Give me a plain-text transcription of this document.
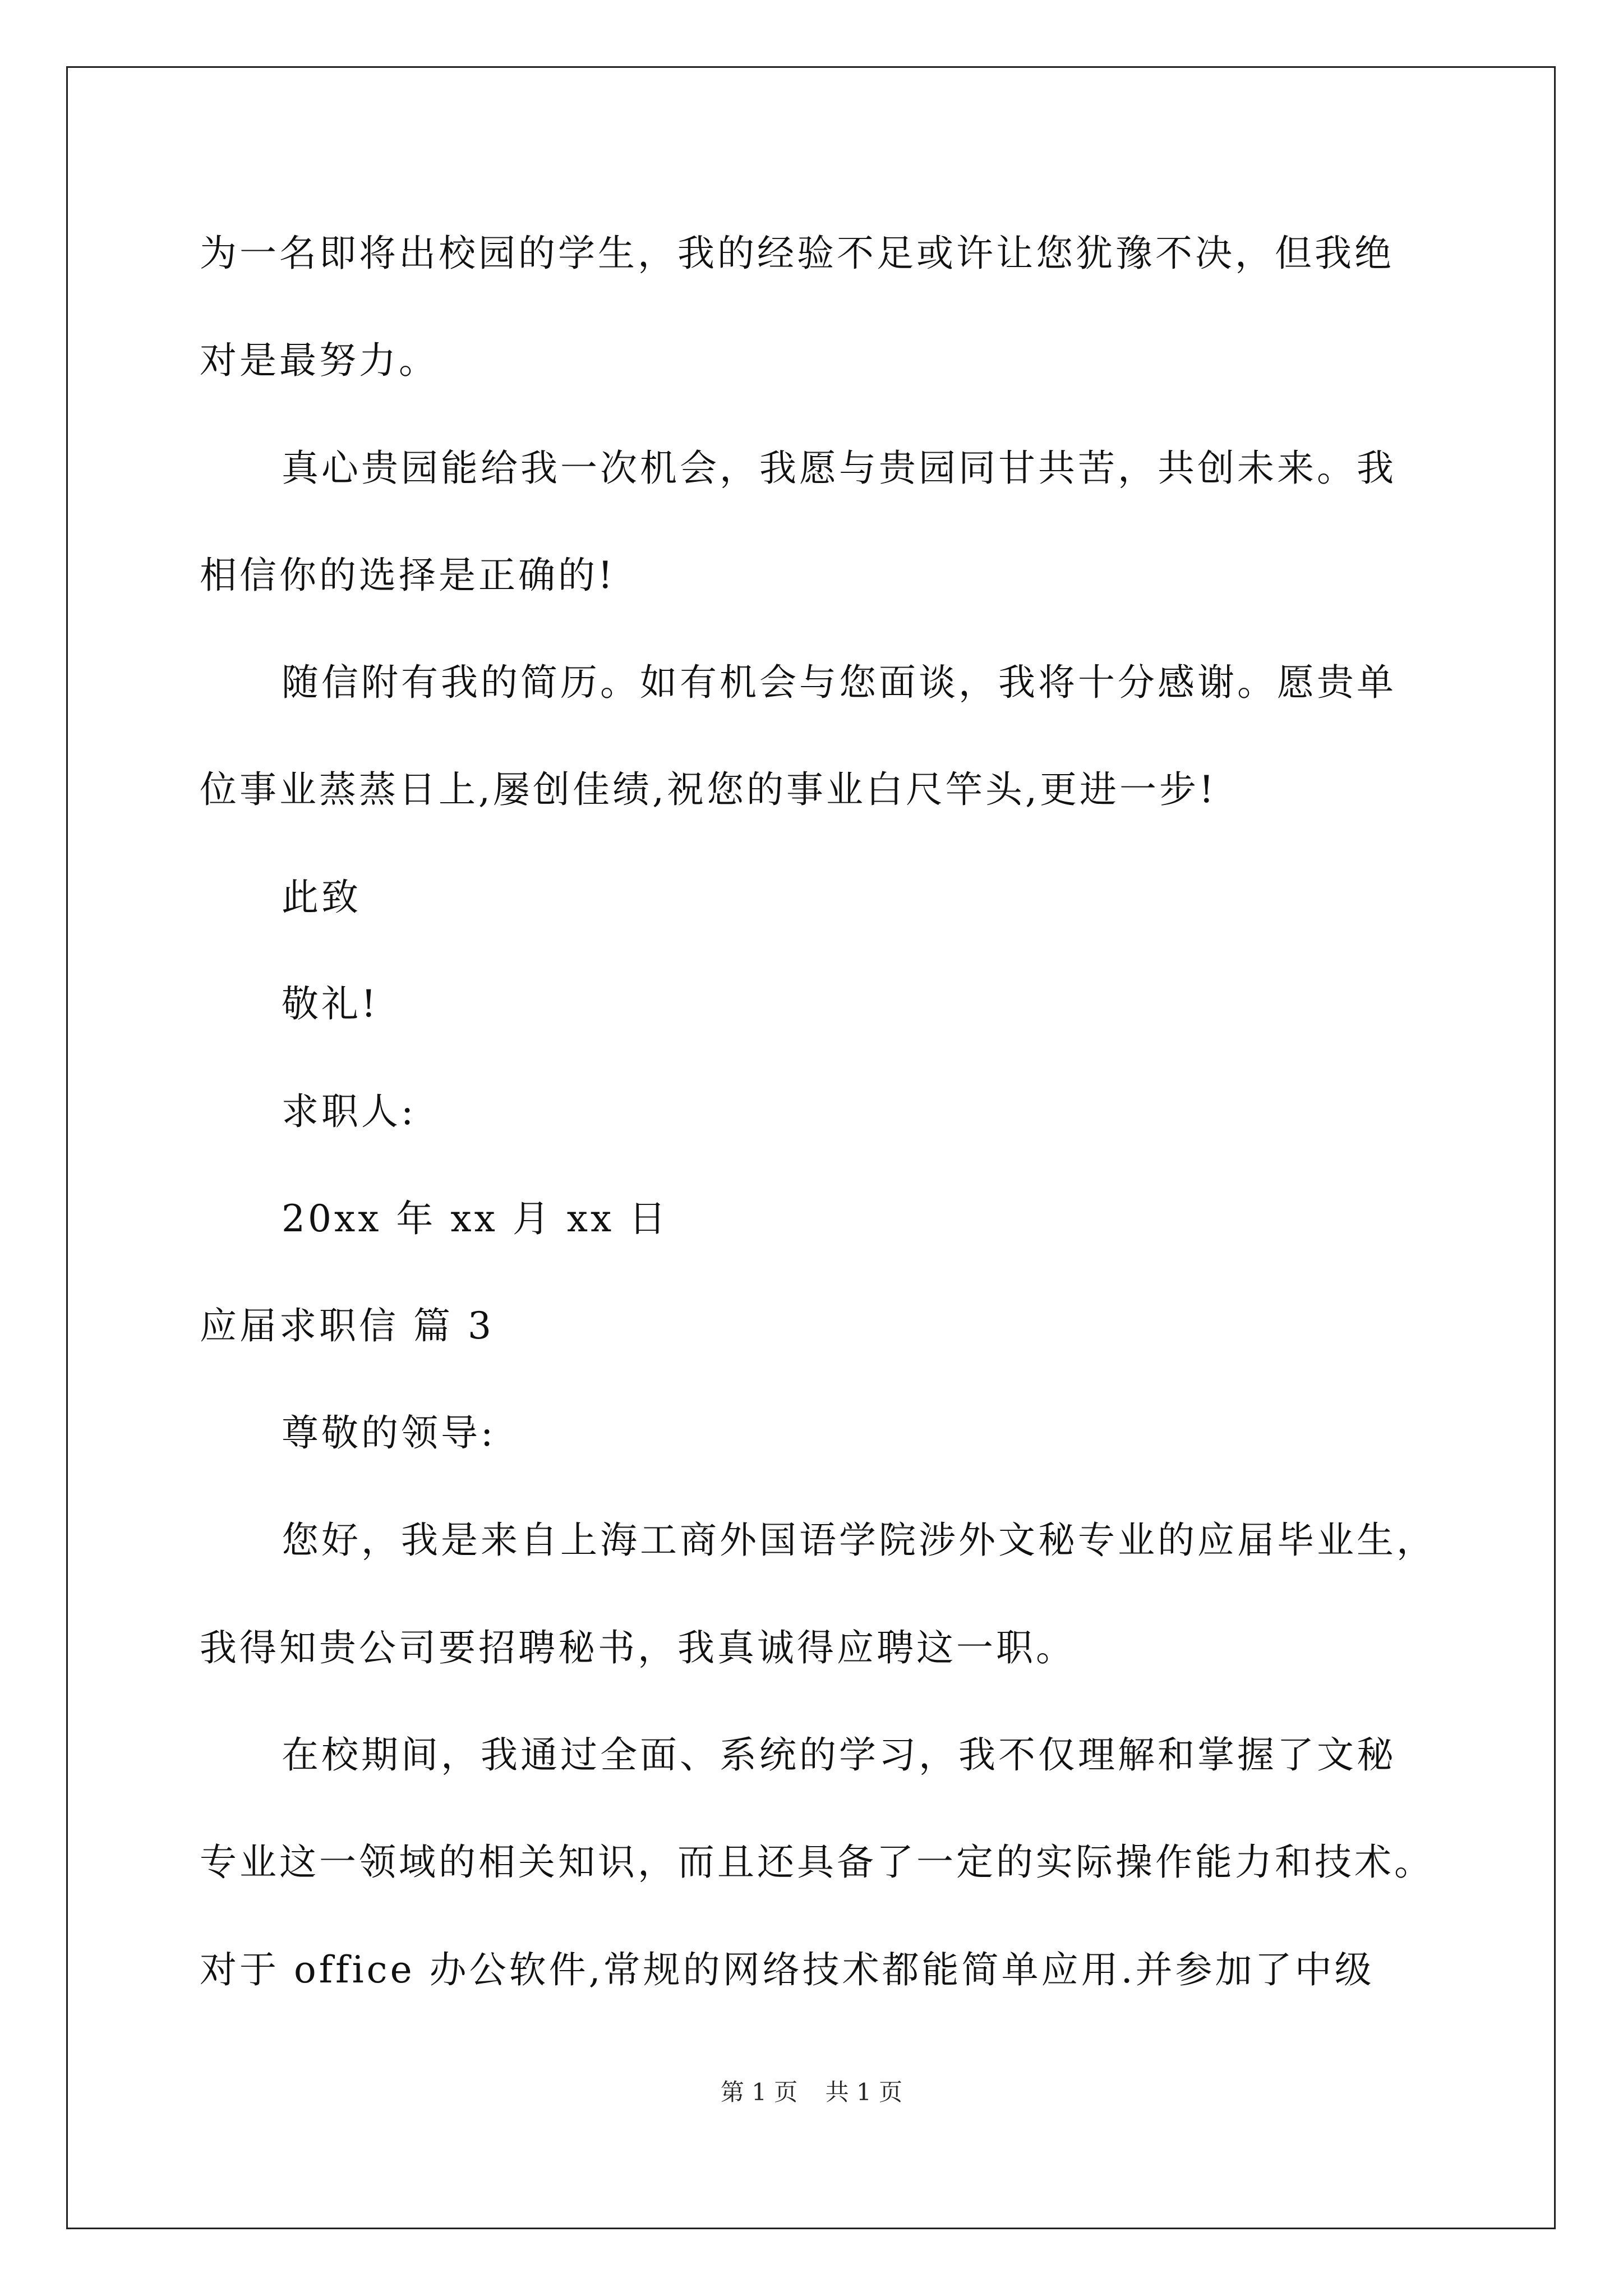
为一名即将出校园的学生，我的经验不足或许让您犹豫不决，但我绝
对是最努力。
真心贵园能给我一次机会，我愿与贵园同甘共苦，共创未来。我
相信你的选择是正确的!
随信附有我的简历。如有机会与您面谈，我将十分感谢。愿贵单
位事业蒸蒸日上,屡创佳绩,祝您的事业白尺竿头,更进一步!
此致
敬礼!
求职人:
20xx 年 xx 月 xx 日
应届求职信 篇 3
尊敬的领导:
您好，我是来自上海工商外国语学院涉外文秘专业的应届毕业生，
我得知贵公司要招聘秘书，我真诚得应聘这一职。
在校期间，我通过全面、系统的学习，我不仅理解和掌握了文秘
专业这一领域的相关知识，而且还具备了一定的实际操作能力和技术。
对于 office 办公软件,常规的网络技术都能简单应用.并参加了中级
第 1 页 共 1 页
